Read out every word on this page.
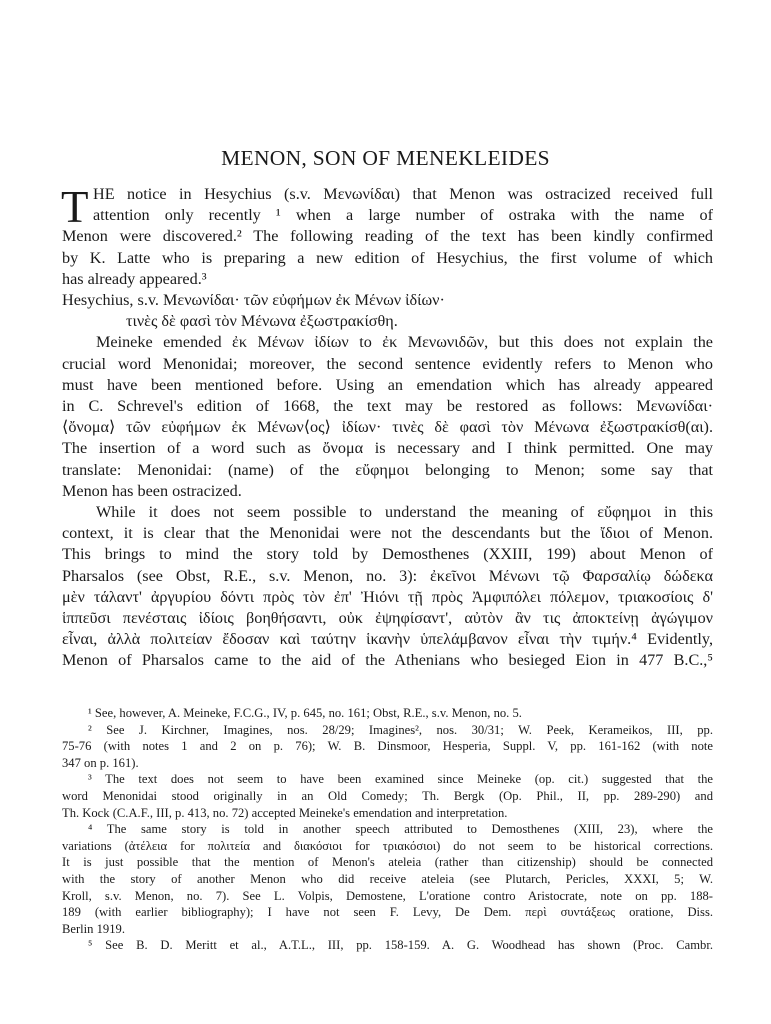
MENON, SON OF MENEKLEIDES
T HE notice in Hesychius (s.v. Μενωνίδαι) that Menon was ostracized received full
attention only recently ¹ when a large number of ostraka with the name of
Menon were discovered.² The following reading of the text has been kindly confirmed
by K. Latte who is preparing a new edition of Hesychius, the first volume of which
has already appeared.³
Hesychius, s.v. Μενωνίδαι· τῶν εὐφήμων ἐκ Μένων ἰδίων·
τινὲς δὲ φασὶ τὸν Μένωνα ἐξωστρακίσθη.
Meineke emended ἐκ Μένων ἰδίων to ἐκ Μενωνιδῶν, but this does not explain the
crucial word Menonidai; moreover, the second sentence evidently refers to Menon who
must have been mentioned before. Using an emendation which has already appeared
in C. Schrevel's edition of 1668, the text may be restored as follows: Μενωνίδαι·
⟨ὄνομα⟩ τῶν εὐφήμων ἐκ Μένων⟨ος⟩ ἰδίων· τινὲς δὲ φασὶ τὸν Μένωνα ἐξωστρακίσθ(αι).
The insertion of a word such as ὄνομα is necessary and I think permitted. One may
translate: Menonidai: (name) of the εὔφημοι belonging to Menon; some say that
Menon has been ostracized.
While it does not seem possible to understand the meaning of εὔφημοι in this
context, it is clear that the Menonidai were not the descendants but the ἴδιοι of Menon.
This brings to mind the story told by Demosthenes (XXIII, 199) about Menon of
Pharsalos (see Obst, R.E., s.v. Menon, no. 3): ἐκεῖνοι Μένωνι τῷ Φαρσαλίῳ δώδεκα
μὲν τάλαντ' ἀργυρίου δόντι πρὸς τὸν ἐπ' Ἠιόνι τῇ πρὸς Ἀμφιπόλει πόλεμον, τριακοσίοις δ'
ἱππεῦσι πενέσταις ἰδίοις βοηθήσαντι, οὐκ ἐψηφίσαντ', αὐτὸν ἂν τις ἀποκτείνῃ ἀγώγιμον
εἶναι, ἀλλὰ πολιτείαν ἔδοσαν καὶ ταύτην ἱκανὴν ὑπελάμβανον εἶναι τὴν τιμήν.⁴ Evidently,
Menon of Pharsalos came to the aid of the Athenians who besieged Eion in 477 B.C.,⁵
¹ See, however, A. Meineke, F.C.G., IV, p. 645, no. 161; Obst, R.E., s.v. Menon, no. 5.
² See J. Kirchner, Imagines, nos. 28/29; Imagines², nos. 30/31; W. Peek, Kerameikos, III, pp.
75-76 (with notes 1 and 2 on p. 76); W. B. Dinsmoor, Hesperia, Suppl. V, pp. 161-162 (with note
347 on p. 161).
³ The text does not seem to have been examined since Meineke (op. cit.) suggested that the
word Menonidai stood originally in an Old Comedy; Th. Bergk (Op. Phil., II, pp. 289-290) and
Th. Kock (C.A.F., III, p. 413, no. 72) accepted Meineke's emendation and interpretation.
⁴ The same story is told in another speech attributed to Demosthenes (XIII, 23), where the
variations (ἀτέλεια for πολιτεία and διακόσιοι for τριακόσιοι) do not seem to be historical corrections.
It is just possible that the mention of Menon's ateleia (rather than citizenship) should be connected
with the story of another Menon who did receive ateleia (see Plutarch, Pericles, XXXI, 5; W.
Kroll, s.v. Menon, no. 7). See L. Volpis, Demostene, L'oratione contro Aristocrate, note on pp. 188-
189 (with earlier bibliography); I have not seen F. Levy, De Dem. περὶ συντάξεως oratione, Diss.
Berlin 1919.
⁵ See B. D. Meritt et al., A.T.L., III, pp. 158-159. A. G. Woodhead has shown (Proc. Cambr.
